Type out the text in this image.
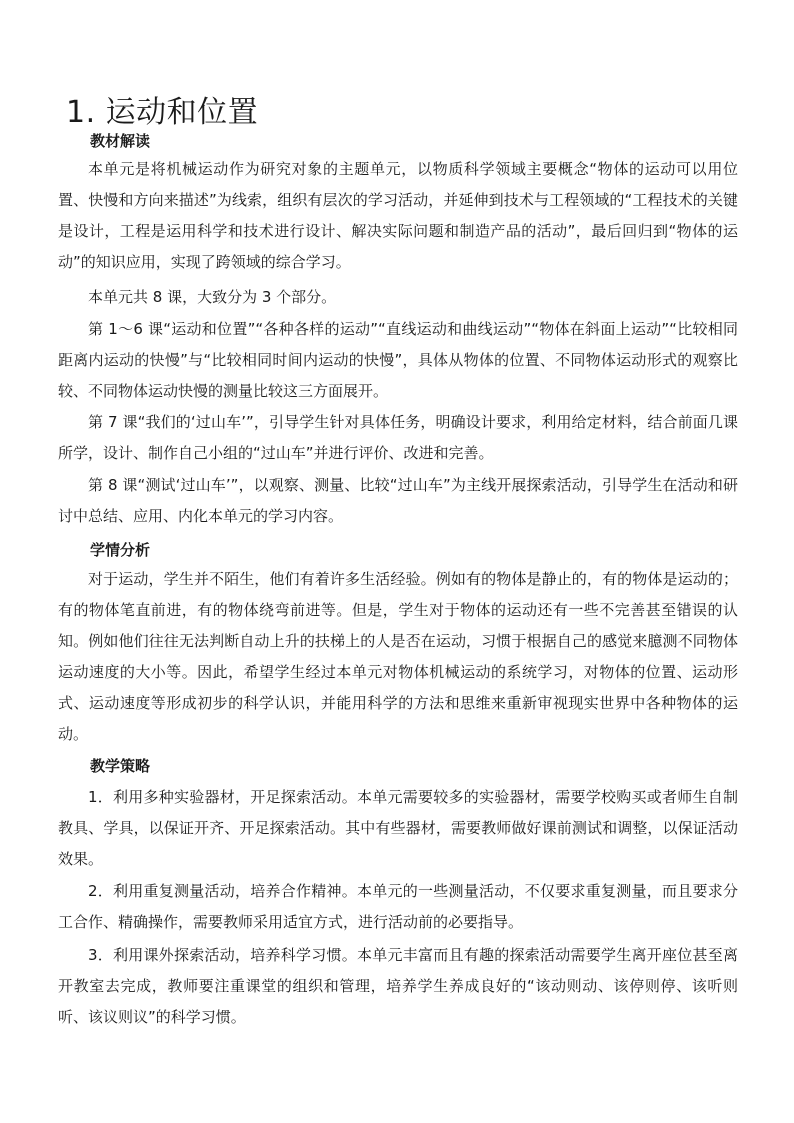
1. 运动和位置
教材解读

本单元是将机械运动作为研究对象的主题单元，以物质科学领域主要概念“物体的运动可以用位置、快慢和方向来描述”为线索，组织有层次的学习活动，并延伸到技术与工程领域的“工程技术的关键是设计，工程是运用科学和技术进行设计、解决实际问题和制造产品的活动”，最后回归到“物体的运动”的知识应用，实现了跨领域的综合学习。

本单元共 8 课，大致分为 3 个部分。

第 1～6 课“运动和位置”“各种各样的运动”“直线运动和曲线运动”“物体在斜面上运动”“比较相同距离内运动的快慢”与“比较相同时间内运动的快慢”，具体从物体的位置、不同物体运动形式的观察比较、不同物体运动快慢的测量比较这三方面展开。

第 7 课“我们的‘过山车’”，引导学生针对具体任务，明确设计要求，利用给定材料，结合前面几课所学，设计、制作自己小组的“过山车”并进行评价、改进和完善。

第 8 课“测试‘过山车’”，以观察、测量、比较“过山车”为主线开展探索活动，引导学生在活动和研讨中总结、应用、内化本单元的学习内容。

学情分析

对于运动，学生并不陌生，他们有着许多生活经验。例如有的物体是静止的，有的物体是运动的；有的物体笔直前进，有的物体绕弯前进等。但是，学生对于物体的运动还有一些不完善甚至错误的认知。例如他们往往无法判断自动上升的扶梯上的人是否在运动，习惯于根据自己的感觉来臆测不同物体运动速度的大小等。因此，希望学生经过本单元对物体机械运动的系统学习，对物体的位置、运动形式、运动速度等形成初步的科学认识，并能用科学的方法和思维来重新审视现实世界中各种物体的运动。

教学策略

1．利用多种实验器材，开足探索活动。本单元需要较多的实验器材，需要学校购买或者师生自制教具、学具，以保证开齐、开足探索活动。其中有些器材，需要教师做好课前测试和调整，以保证活动效果。

2．利用重复测量活动，培养合作精神。本单元的一些测量活动，不仅要求重复测量，而且要求分工合作、精确操作，需要教师采用适宜方式，进行活动前的必要指导。

3．利用课外探索活动，培养科学习惯。本单元丰富而且有趣的探索活动需要学生离开座位甚至离开教室去完成，教师要注重课堂的组织和管理，培养学生养成良好的“该动则动、该停则停、该听则听、该议则议”的科学习惯。
